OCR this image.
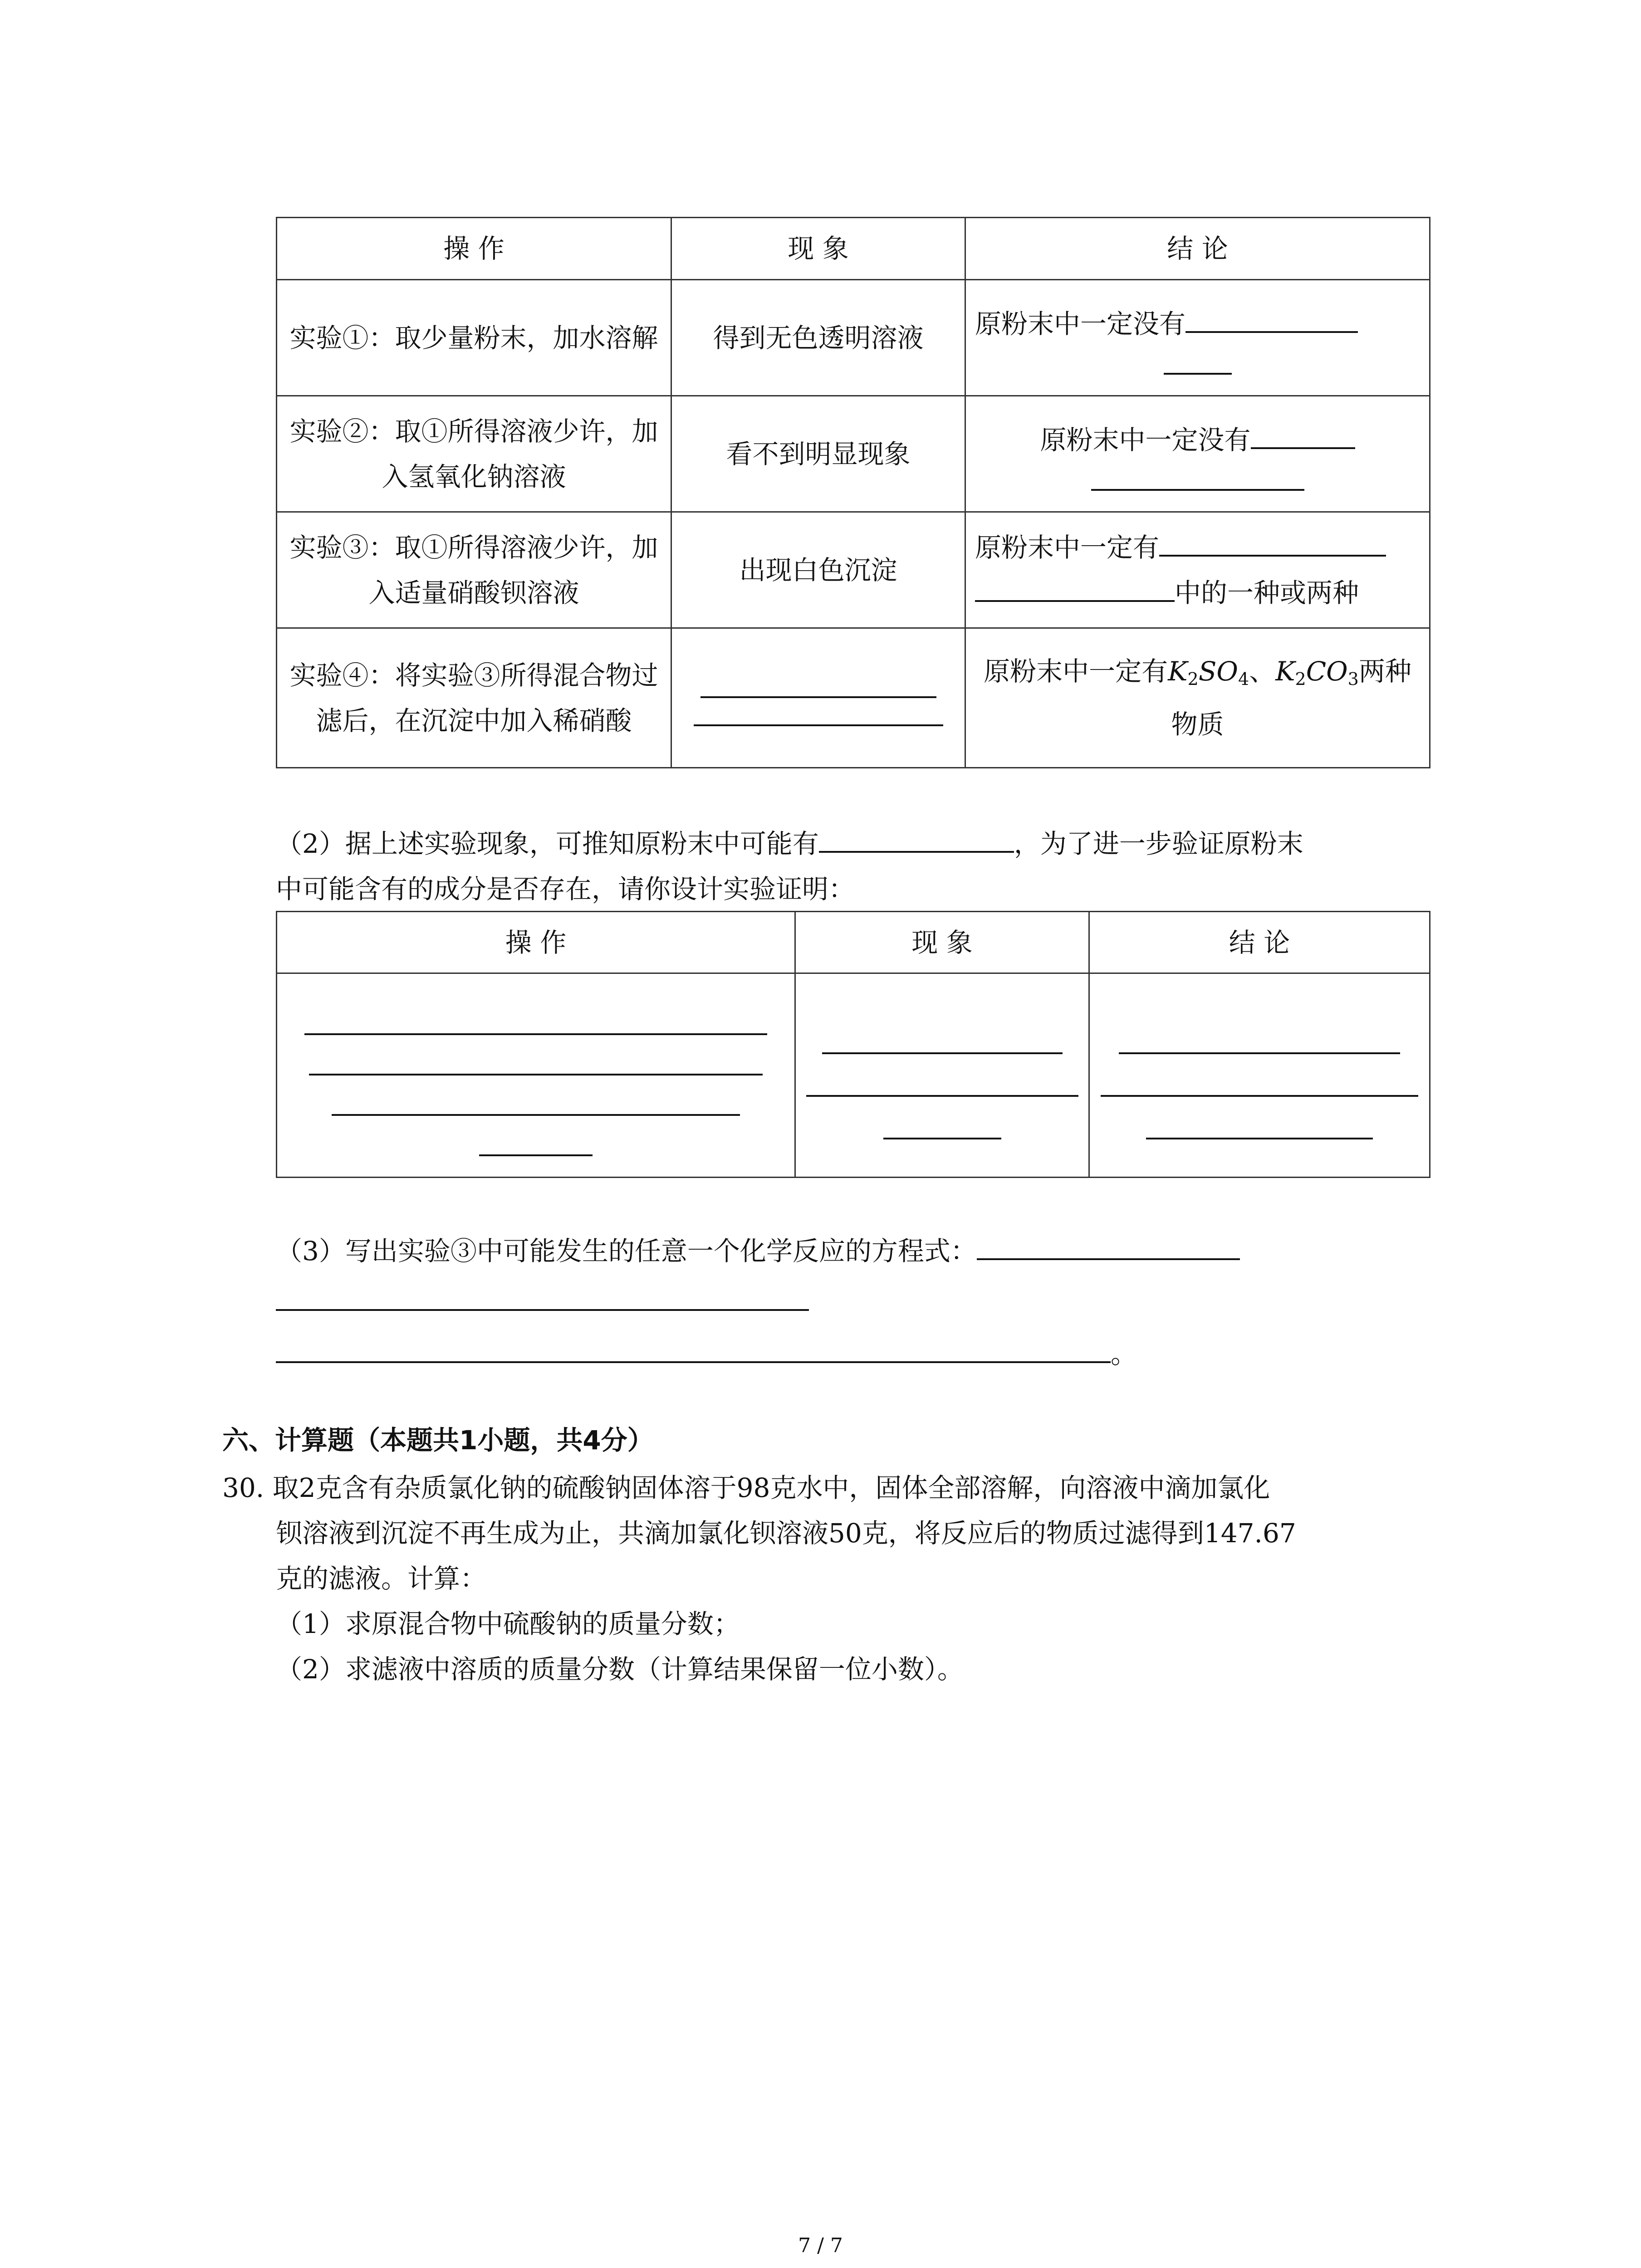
操 作	现 象	结 论
实验①：取少量粉末，加水溶解	得到无色透明溶液	原粉末中一定没有

实验②：取①所得溶液少许，加入氢氧化钠溶液	看不到明显现象	原粉末中一定没有

实验③：取①所得溶液少许，加入适量硝酸钡溶液	出现白色沉淀	原粉末中一定有
中的一种或两种
实验④：将实验③所得混合物过滤后，在沉淀中加入稀硝酸		原粉末中一定有$K_2SO_4$、$K_2CO_3$两种物质
（2）据上述实验现象，可推知原粉末中可能有	，为了进一步验证原粉末
中可能含有的成分是否存在，请你设计实验证明：
操 作	现 象	结 论

（3）写出实验③中可能发生的任意一个化学反应的方程式：
。
六、计算题（本题共1小题，共4分）
30. 取2克含有杂质氯化钠的硫酸钠固体溶于98克水中，固体全部溶解，向溶液中滴加氯化
钡溶液到沉淀不再生成为止，共滴加氯化钡溶液50克，将反应后的物质过滤得到147.67
克的滤液。计算：
（1）求原混合物中硫酸钠的质量分数；
（2）求滤液中溶质的质量分数（计算结果保留一位小数）。
7 / 7
